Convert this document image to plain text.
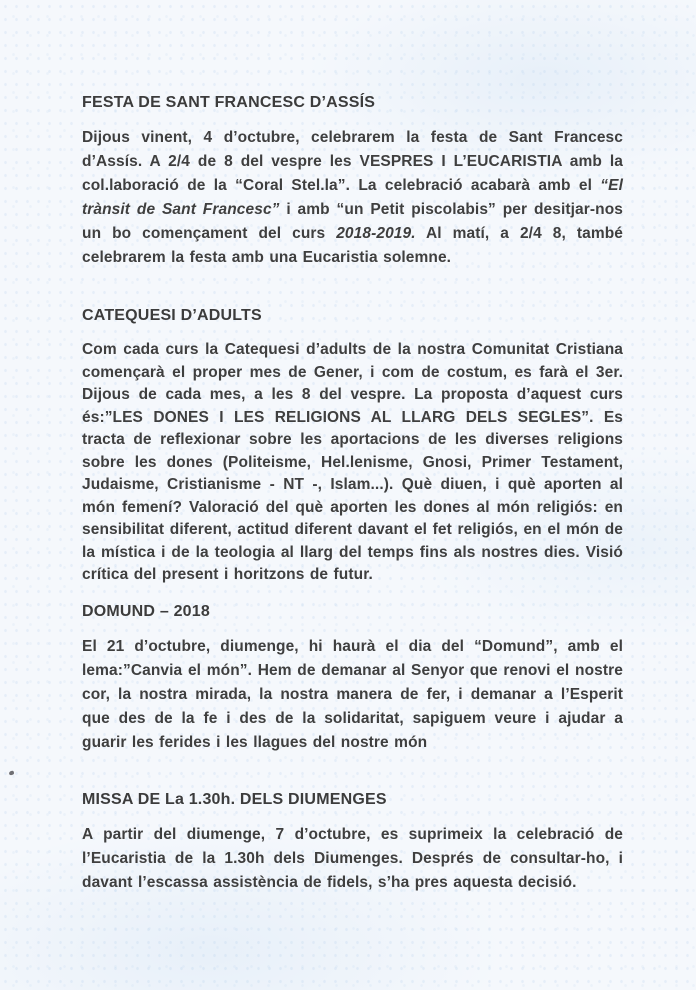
FESTA DE SANT FRANCESC D’ASSÍS

Dijous vinent, 4 d’octubre, celebrarem la festa de Sant Francesc d’Assís. A 2/4 de 8 del vespre les VESPRES I L’EUCARISTIA amb la col.laboració de la “Coral Stel.la”. La celebració acabarà amb el “El trànsit de Sant Francesc” i amb “un Petit piscolabis” per desitjar-nos un bo començament del curs 2018-2019. Al matí, a 2/4 8, també celebrarem la festa amb una Eucaristia solemne.

CATEQUESI D’ADULTS

Com cada curs la Catequesi d’adults de la nostra Comunitat Cristiana començarà el proper mes de Gener, i com de costum, es farà el 3er. Dijous de cada mes, a les 8 del vespre. La proposta d’aquest curs és:”LES DONES I LES RELIGIONS AL LLARG DELS SEGLES”. Es tracta de reflexionar sobre les aportacions de les diverses religions sobre les dones (Politeisme, Hel.lenisme, Gnosi, Primer Testament, Judaisme, Cristianisme - NT -, Islam...). Què diuen, i què aporten al món femení? Valoració del què aporten les dones al món religiós: en sensibilitat diferent, actitud diferent davant el fet religiós, en el món de la mística i de la teologia al llarg del temps fins als nostres dies. Visió crítica del present i horitzons de futur.

DOMUND – 2018

El 21 d’octubre, diumenge, hi haurà el dia del “Domund”, amb el lema:”Canvia el món”. Hem de demanar al Senyor que renovi el nostre cor, la nostra mirada, la nostra manera de fer, i demanar a l’Esperit que des de la fe i des de la solidaritat, sapiguem veure i ajudar a guarir les ferides i les llagues del nostre món

MISSA DE La 1.30h. DELS DIUMENGES

A partir del diumenge, 7 d’octubre, es suprimeix la celebració de l’Eucaristia de la 1.30h dels Diumenges. Després de consultar-ho, i davant l’escassa assistència de fidels, s’ha pres aquesta decisió.
